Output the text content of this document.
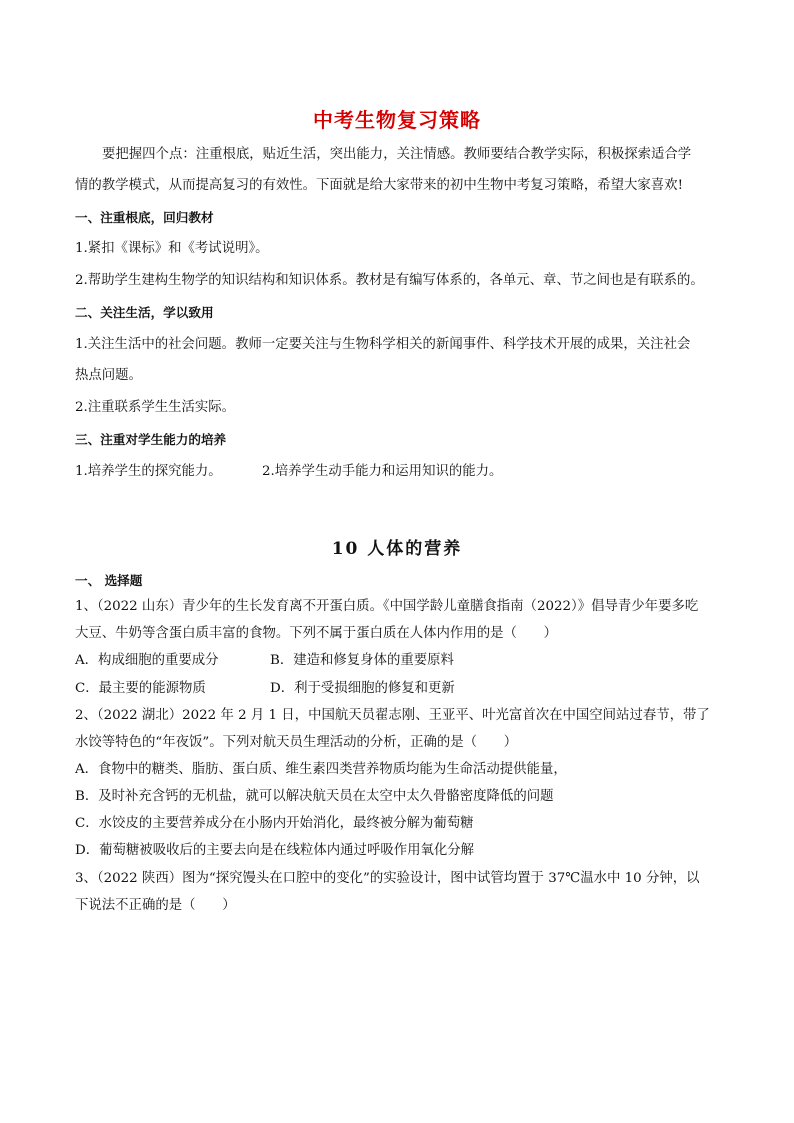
中考生物复习策略
要把握四个点：注重根底，贴近生活，突出能力，关注情感。教师要结合教学实际，积极探索适合学
情的教学模式，从而提高复习的有效性。下面就是给大家带来的初中生物中考复习策略，希望大家喜欢!
一、注重根底，回归教材
1.紧扣《课标》和《考试说明》。
2.帮助学生建构生物学的知识结构和知识体系。教材是有编写体系的，各单元、章、节之间也是有联系的。
二、关注生活，学以致用
1.关注生活中的社会问题。教师一定要关注与生物科学相关的新闻事件、科学技术开展的成果，关注社会
热点问题。
2.注重联系学生生活实际。
三、注重对学生能力的培养
1.培养学生的探究能力。	2.培养学生动手能力和运用知识的能力。
10 人体的营养
一、 选择题
1、（2022 山东）青少年的生长发育离不开蛋白质。《中国学龄儿童膳食指南（2022）》倡导青少年要多吃
大豆、牛奶等含蛋白质丰富的食物。下列不属于蛋白质在人体内作用的是（　　）
A．构成细胞的重要成分	B．建造和修复身体的重要原料
C．最主要的能源物质	D．利于受损细胞的修复和更新
2、（2022 湖北）2022 年 2 月 1 日，中国航天员翟志刚、王亚平、叶光富首次在中国空间站过春节，带了
水饺等特色的“年夜饭”。下列对航天员生理活动的分析，正确的是（　　）
A．食物中的糖类、脂肪、蛋白质、维生素四类营养物质均能为生命活动提供能量，
B．及时补充含钙的无机盐，就可以解决航天员在太空中太久骨骼密度降低的问题
C．水饺皮的主要营养成分在小肠内开始消化，最终被分解为葡萄糖
D．葡萄糖被吸收后的主要去向是在线粒体内通过呼吸作用氧化分解
3、（2022 陕西）图为“探究馒头在口腔中的变化”的实验设计，图中试管均置于 37℃温水中 10 分钟，以
下说法不正确的是（　　）
